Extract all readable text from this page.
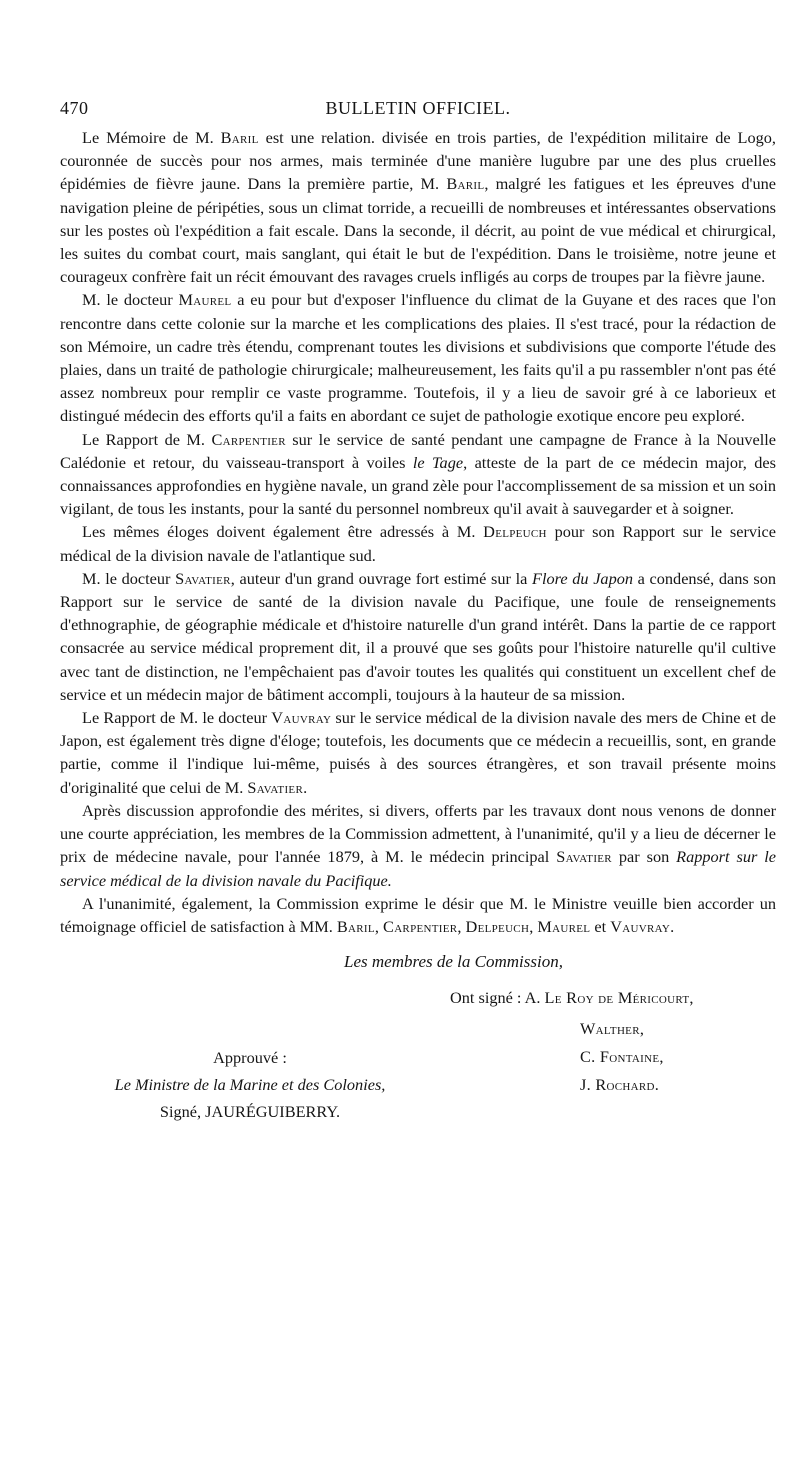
470	BULLETIN OFFICIEL.

Le Mémoire de M. Baril est une relation. divisée en trois parties, de l'expédition militaire de Logo, couronnée de succès pour nos armes, mais terminée d'une manière lugubre par une des plus cruelles épidémies de fièvre jaune. Dans la première partie, M. Baril, malgré les fatigues et les épreuves d'une navigation pleine de péripéties, sous un climat torride, a recueilli de nombreuses et intéressantes observations sur les postes où l'expédition a fait escale. Dans la seconde, il décrit, au point de vue médical et chirurgical, les suites du combat court, mais sanglant, qui était le but de l'expédition. Dans le troisième, notre jeune et courageux confrère fait un récit émouvant des ravages cruels infligés au corps de troupes par la fièvre jaune.

M. le docteur Maurel a eu pour but d'exposer l'influence du climat de la Guyane et des races que l'on rencontre dans cette colonie sur la marche et les complications des plaies. Il s'est tracé, pour la rédaction de son Mémoire, un cadre très étendu, comprenant toutes les divisions et subdivisions que comporte l'étude des plaies, dans un traité de pathologie chirurgicale; malheureusement, les faits qu'il a pu rassembler n'ont pas été assez nombreux pour remplir ce vaste programme. Toutefois, il y a lieu de savoir gré à ce laborieux et distingué médecin des efforts qu'il a faits en abordant ce sujet de pathologie exotique encore peu exploré.

Le Rapport de M. Carpentier sur le service de santé pendant une campagne de France à la Nouvelle Calédonie et retour, du vaisseau-transport à voiles le Tage, atteste de la part de ce médecin major, des connaissances approfondies en hygiène navale, un grand zèle pour l'accomplissement de sa mission et un soin vigilant, de tous les instants, pour la santé du personnel nombreux qu'il avait à sauvegarder et à soigner.

Les mêmes éloges doivent également être adressés à M. Delpeuch pour son Rapport sur le service médical de la division navale de l'atlantique sud.

M. le docteur Savatier, auteur d'un grand ouvrage fort estimé sur la Flore du Japon a condensé, dans son Rapport sur le service de santé de la division navale du Pacifique, une foule de renseignements d'ethnographie, de géographie médicale et d'histoire naturelle d'un grand intérêt. Dans la partie de ce rapport consacrée au service médical proprement dit, il a prouvé que ses goûts pour l'histoire naturelle qu'il cultive avec tant de distinction, ne l'empêchaient pas d'avoir toutes les qualités qui constituent un excellent chef de service et un médecin major de bâtiment accompli, toujours à la hauteur de sa mission.

Le Rapport de M. le docteur Vauvray sur le service médical de la division navale des mers de Chine et de Japon, est également très digne d'éloge; toutefois, les documents que ce médecin a recueillis, sont, en grande partie, comme il l'indique lui-même, puisés à des sources étrangères, et son travail présente moins d'originalité que celui de M. Savatier.

Après discussion approfondie des mérites, si divers, offerts par les travaux dont nous venons de donner une courte appréciation, les membres de la Commission admettent, à l'unanimité, qu'il y a lieu de décerner le prix de médecine navale, pour l'année 1879, à M. le médecin principal Savatier par son Rapport sur le service médical de la division navale du Pacifique.

A l'unanimité, également, la Commission exprime le désir que M. le Ministre veuille bien accorder un témoignage officiel de satisfaction à MM. Baril, Carpentier, Delpeuch, Maurel et Vauvray.

Les membres de la Commission,
Ont signé : A. Le Roy de Méricourt,
Walther,
C. Fontaine,
J. Rochard.
Approuvé :
Le Ministre de la Marine et des Colonies,
Signé, JAURÉGUIBERRY.
